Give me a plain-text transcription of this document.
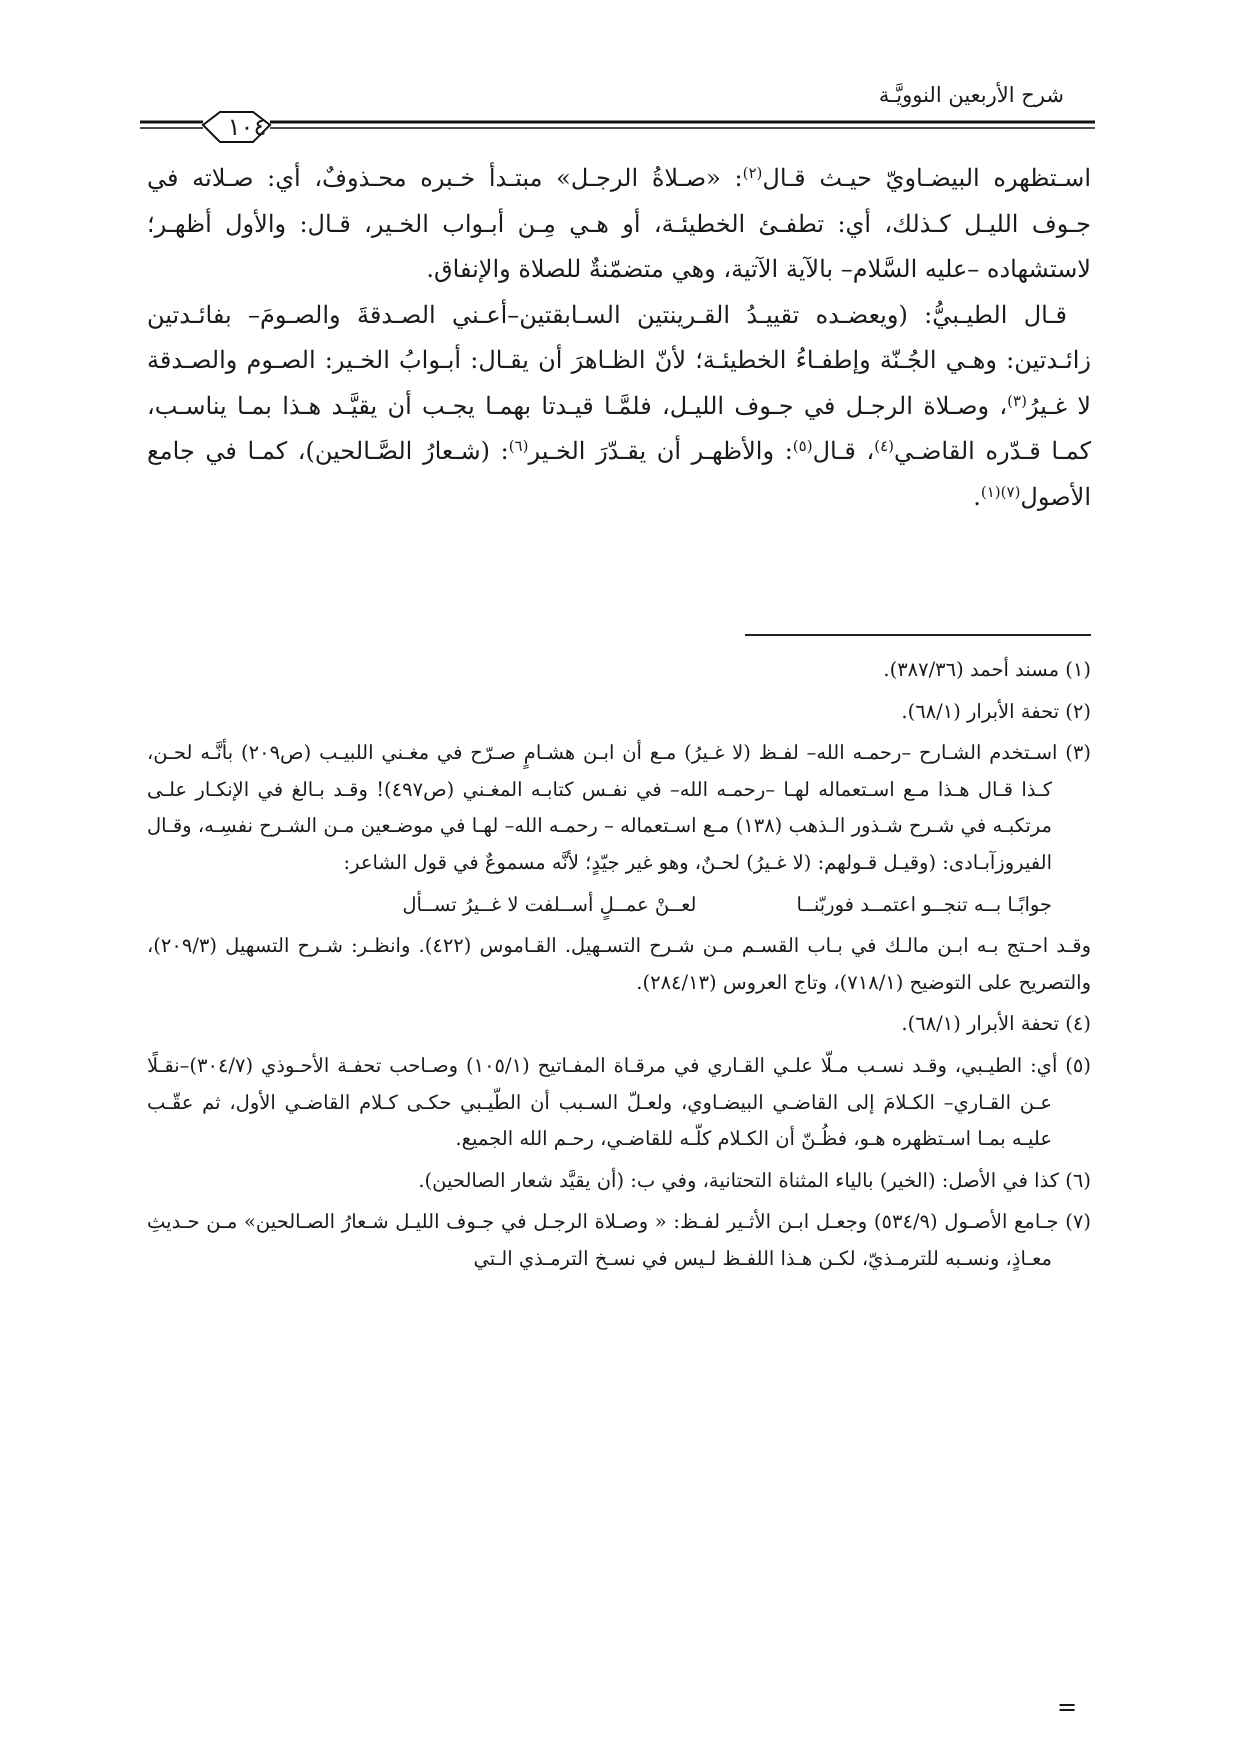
شرح الأربعين النوويَّـة
١٠٤

اسـتظهره البيضـاويّ حيـث قـال$^{(٢)}$: «صـلاةُ الرجـل» مبتـدأ خـبره محـذوفٌ، أي: صـلاته في جـوف الليـل كـذلك، أي: تطفـئ الخطيئـة، أو هـي مِـن أبـواب الخـير، قـال: والأول أظهـر؛ لاستشهاده –عليه السَّلام– بالآية الآتية، وهي متضمّنةٌ للصلاة والإنفاق.

قـال الطيـبيُّ: (ويعضـده تقييـدُ القـرينتين السـابقتين–أعـني الصـدقةَ والصـومَ– بفائـدتين زائـدتين: وهـي الجُـنّة وإطفـاءُ الخطيئـة؛ لأنّ الظـاهرَ أن يقـال: أبـوابُ الخـير: الصـوم والصـدقة لا غـيرُ$^{(٣)}$، وصـلاة الرجـل في جـوف الليـل، فلمَّـا قيـدتا بهمـا يجـب أن يقيَّـد هـذا بمـا يناسـب، كمـا قـدّره القاضـي$^{(٤)}$، قـال$^{(٥)}$: والأظهـر أن يقـدّرَ الخـير$^{(٦)}$: (شـعارُ الصَّـالحين)، كمـا في جامع الأصول$^{(٧)(١)}$.

(١) مسند أحمد (٣٨٧/٣٦).

(٢) تحفة الأبرار (٦٨/١).

(٣) اسـتخدم الشـارح –رحمـه الله– لفـظ (لا غـيرُ) مـع أن ابـن هشـامٍ صـرّح في مغـني اللبيـب (ص٢٠٩) بأنَّـه لحـن، كـذا قـال هـذا مـع اسـتعماله لهـا –رحمـه الله– في نفـس كتابـه المغـني (ص٤٩٧)! وقـد بـالغ في الإنكـار علـى مرتكبـه في شـرح شـذور الـذهب (١٣٨) مـع اسـتعماله – رحمـه الله– لهـا في موضـعين مـن الشـرح نفسِـه، وقـال الفيروزآبـادى: (وقيـل قـولهم: (لا غـيرُ) لحـنٌ، وهو غير جيّدٍ؛ لأنَّه مسموعٌ في قول الشاعر:

جوابًـا بــه تنجــو اعتمــد فوربّنــا
لعــنْ عمــلٍ أســلفت لا غــيرُ تســأل

وقـد احـتج بـه ابـن مالـك في بـاب القسـم مـن شـرح التسـهيل. القـاموس (٤٢٢). وانظـر: شـرح التسهيل (٢٠٩/٣)، والتصريح على التوضيح (٧١٨/١)، وتاج العروس (٢٨٤/١٣).

(٤) تحفة الأبرار (٦٨/١).

(٥) أي: الطيـبي، وقـد نسـب مـلّا علـي القـاري في مرقـاة المفـاتيح (١٠٥/١) وصـاحب تحفـة الأحـوذي (٣٠٤/٧)–نقـلًا عـن القـاري– الكـلامَ إلى القاضـي البيضـاوي، ولعـلّ السـبب أن الطّيـبي حكـى كـلام القاضـي الأول، ثم عقّـب عليـه بمـا اسـتظهره هـو، فظُـنّ أن الكـلام كلّـه للقاضـي، رحـم الله الجميع.

(٦) كذا في الأصل: (الخير) بالياء المثناة التحتانية، وفي ب: (أن يقيَّد شعار الصالحين).

(٧) جـامع الأصـول (٥٣٤/٩) وجعـل ابـن الأثـير لفـظ: « وصـلاة الرجـل في جـوف الليـل شـعارُ الصـالحين» مـن حـديثِ معـاذٍ، ونسـبه للترمـذيّ، لكـن هـذا اللفـظ لـيس في نسـخ الترمـذي الـتي

=
